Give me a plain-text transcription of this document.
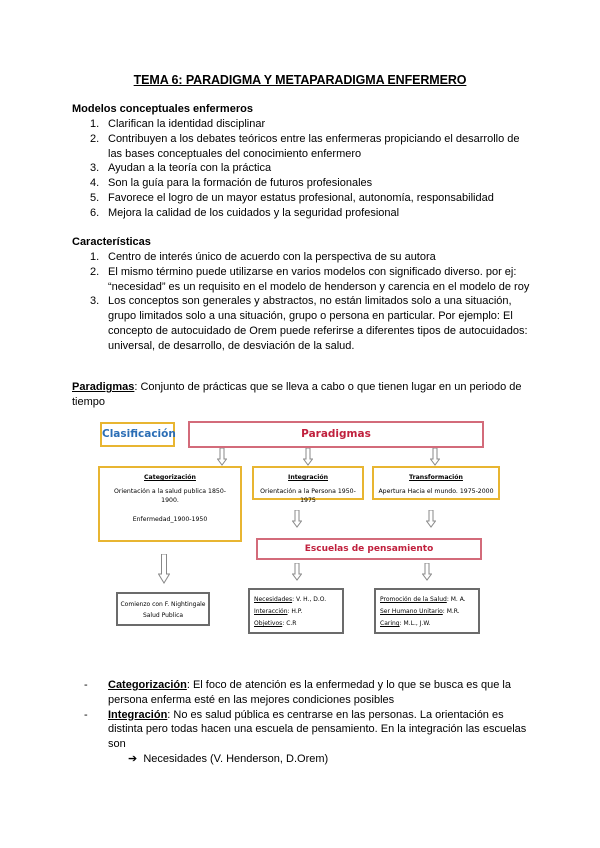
TEMA 6: PARADIGMA Y METAPARADIGMA ENFERMERO
Modelos conceptuales enfermeros
1. Clarifican la identidad disciplinar
2. Contribuyen a los debates teóricos entre las enfermeras propiciando el desarrollo de las bases conceptuales del conocimiento enfermero
3. Ayudan a la teoría con la práctica
4. Son la guía para la formación de futuros profesionales
5. Favorece el logro de un mayor estatus profesional, autonomía, responsabilidad
6. Mejora la calidad de los cuidados y la seguridad profesional
Características
1. Centro de interés único de acuerdo con la perspectiva de su autora
2. El mismo término puede utilizarse en varios modelos con significado diverso. por ej: “necesidad” es un requisito en el modelo de henderson y carencia en el modelo de roy
3. Los conceptos son generales y abstractos, no están limitados solo a una situación, grupo limitados solo a una situación, grupo o persona en particular. Por ejemplo: El concepto de autocuidado de Orem puede referirse a diferentes tipos de autocuidados: universal, de desarrollo, de desviación de la salud.
Paradigmas: Conjunto de prácticas que se lleva a cabo o que tienen lugar en un periodo de tiempo
Clasificación	Paradigmas
Categorización
Orientación a la salud publica 1850-1900.
Enfermedad_1900-1950
Integración
Orientación a la Persona 1950-1975
Transformación
Apertura Hacia el mundo. 1975-2000
Escuelas de pensamiento
Comienzo con F. Nightingale
Salud Publica
Necesidades: V. H., D.O.
Interacción: H.P.
Objetivos: C.R
Promoción de la Salud: M. A.
Ser Humano Unitario: M.R.
Caring: M.L., J.W.
- Categorización: El foco de atención es la enfermedad y lo que se busca es que la persona enferma esté en las mejores condiciones posibles
- Integración: No es salud pública es centrarse en las personas. La orientación es distinta pero todas hacen una escuela de pensamiento. En la integración las escuelas son
➔ Necesidades (V. Henderson, D.Orem)
